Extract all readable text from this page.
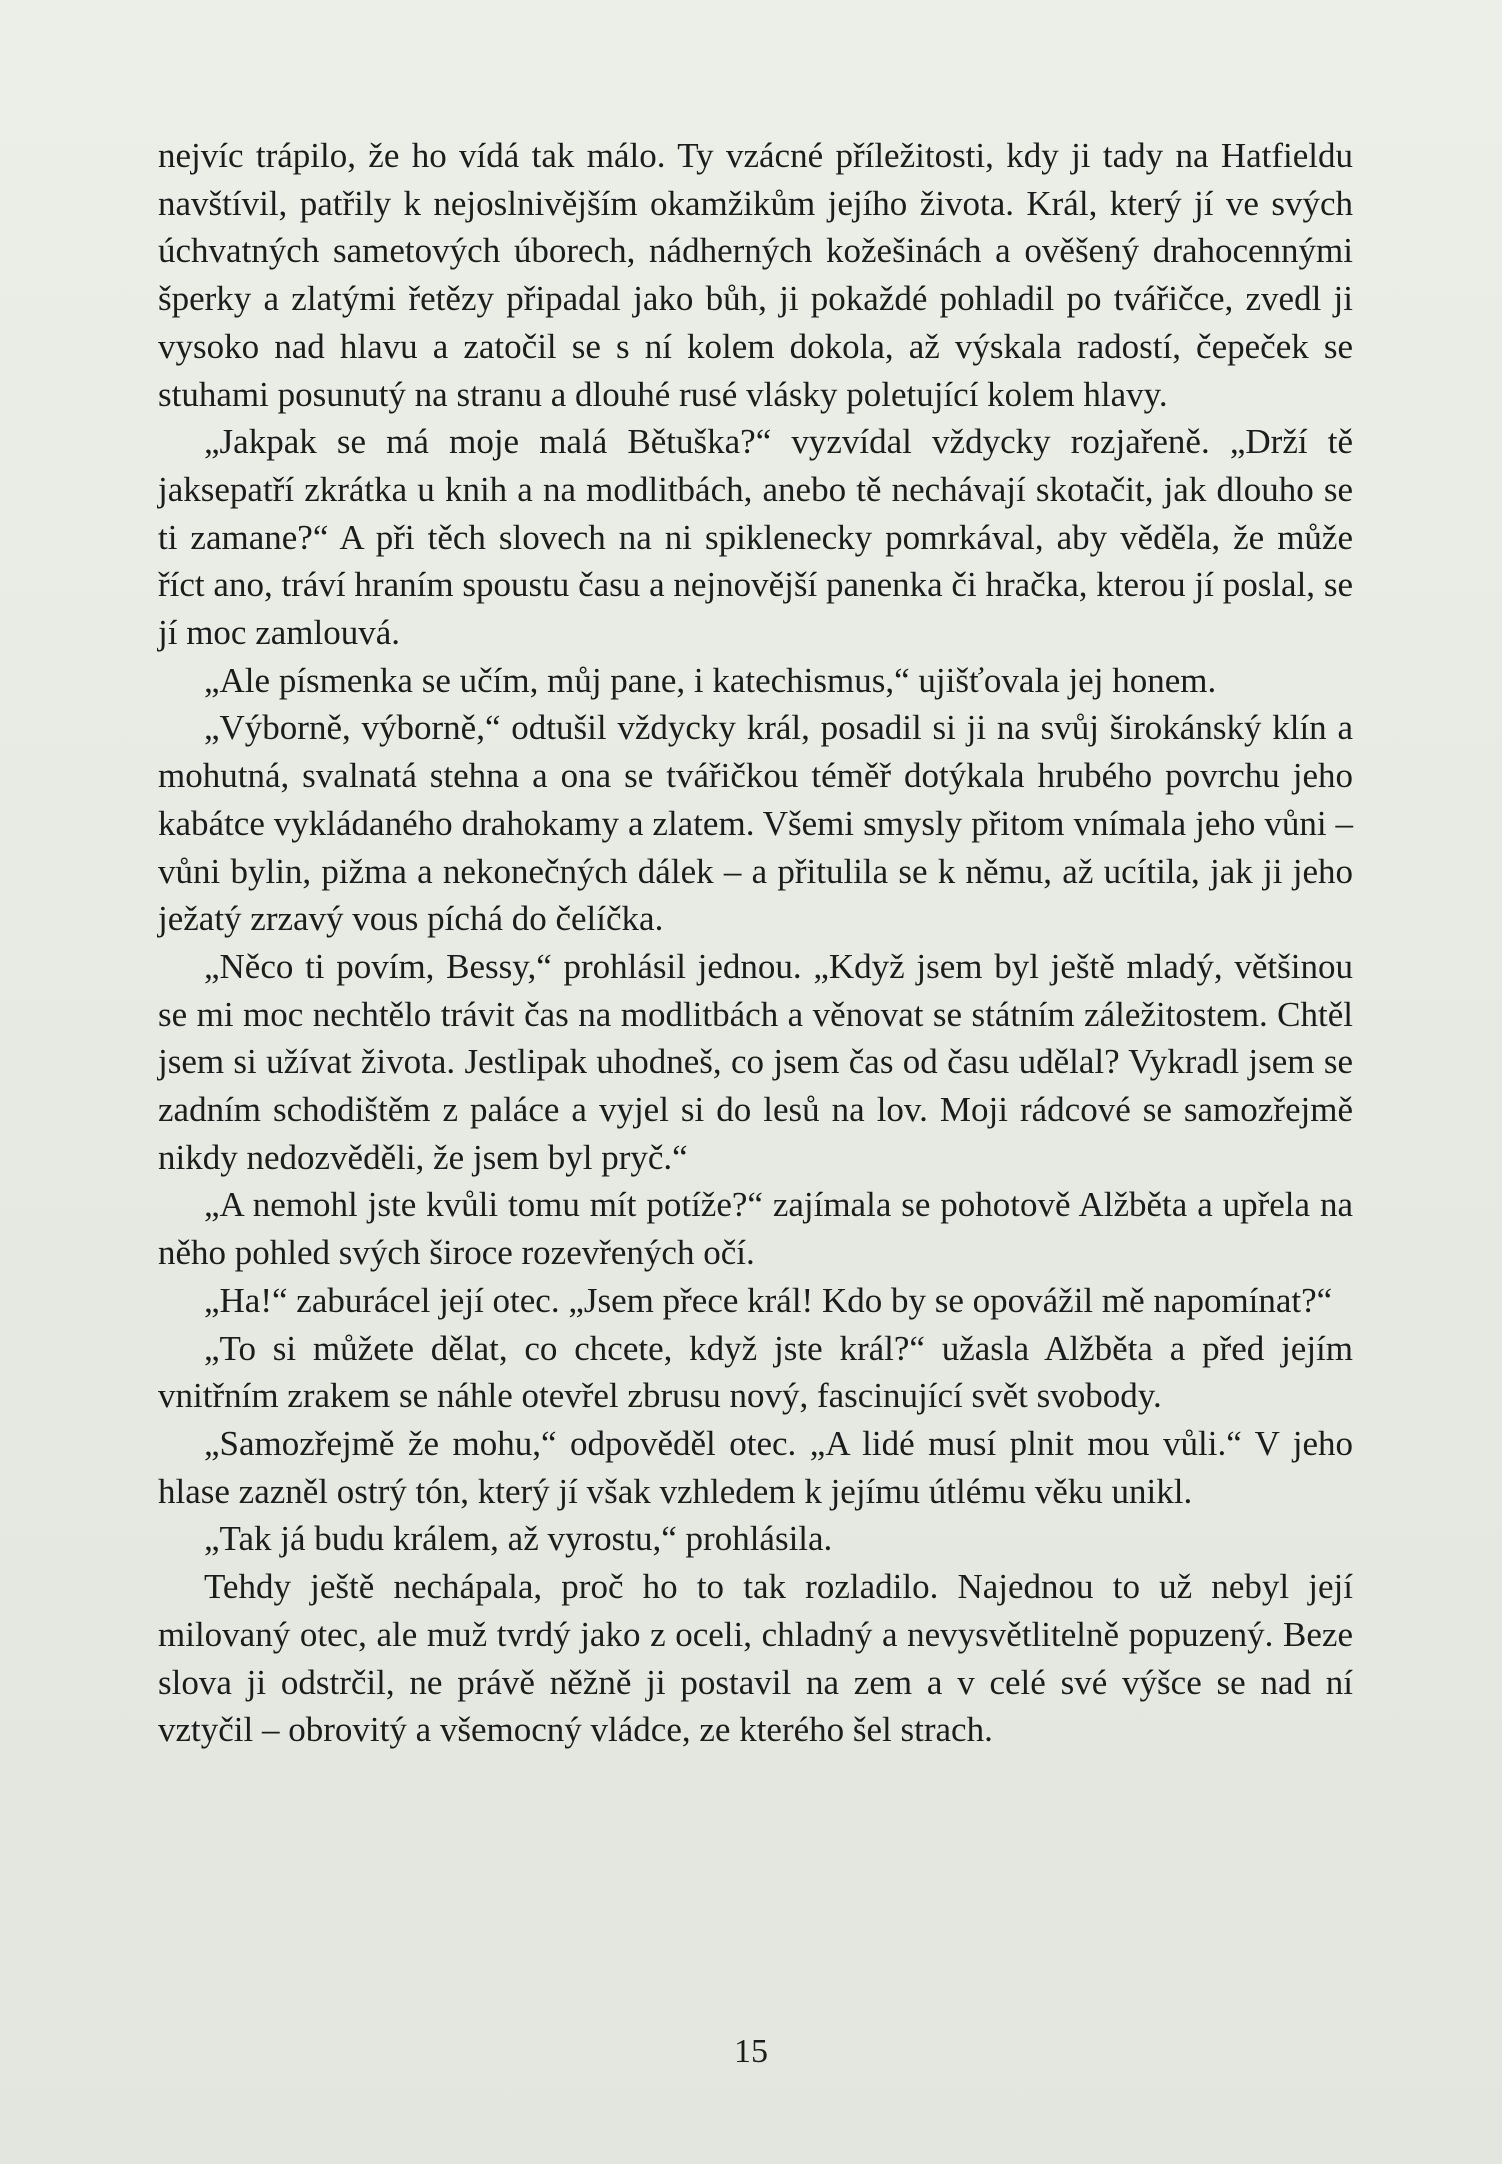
nejvíc trápilo, že ho vídá tak málo. Ty vzácné příležitosti, kdy ji tady na Hatfieldu navštívil, patřily k nejoslnivějším okamžikům jejího života. Král, který jí ve svých úchvatných sametových úborech, nádherných kožešinách a ověšený drahocennými šperky a zlatými řetězy připadal jako bůh, ji pokaždé pohladil po tvářičce, zvedl ji vysoko nad hlavu a zatočil se s ní kolem dokola, až výskala radostí, čepeček se stuhami posunutý na stranu a dlouhé rusé vlásky poletující kolem hlavy.

„Jakpak se má moje malá Bětuška?“ vyzvídal vždycky rozjařeně. „Drží tě jaksepatří zkrátka u knih a na modlitbách, anebo tě nechávají skotačit, jak dlouho se ti zamane?“ A při těch slovech na ni spiklenecky pomrkával, aby věděla, že může říct ano, tráví hraním spoustu času a nejnovější panenka či hračka, kterou jí poslal, se jí moc zamlouvá.

„Ale písmenka se učím, můj pane, i katechismus,“ ujišťovala jej honem.

„Výborně, výborně,“ odtušil vždycky král, posadil si ji na svůj širokánský klín a mohutná, svalnatá stehna a ona se tvářičkou téměř dotýkala hrubého povrchu jeho kabátce vykládaného drahokamy a zlatem. Všemi smysly přitom vnímala jeho vůni – vůni bylin, pižma a nekonečných dálek – a přitulila se k němu, až ucítila, jak ji jeho ježatý zrzavý vous píchá do čelíčka.

„Něco ti povím, Bessy,“ prohlásil jednou. „Když jsem byl ještě mladý, většinou se mi moc nechtělo trávit čas na modlitbách a věnovat se státním záležitostem. Chtěl jsem si užívat života. Jestlipak uhodneš, co jsem čas od času udělal? Vykradl jsem se zadním schodištěm z paláce a vyjel si do lesů na lov. Moji rádcové se samozřejmě nikdy nedozvěděli, že jsem byl pryč.“

„A nemohl jste kvůli tomu mít potíže?“ zajímala se pohotově Alžběta a upřela na něho pohled svých široce rozevřených očí.

„Ha!“ zaburácel její otec. „Jsem přece král! Kdo by se opovážil mě napomínat?“

„To si můžete dělat, co chcete, když jste král?“ užasla Alžběta a před jejím vnitřním zrakem se náhle otevřel zbrusu nový, fascinující svět svobody.

„Samozřejmě že mohu,“ odpověděl otec. „A lidé musí plnit mou vůli.“ V jeho hlase zazněl ostrý tón, který jí však vzhledem k jejímu útlému věku unikl.

„Tak já budu králem, až vyrostu,“ prohlásila.

Tehdy ještě nechápala, proč ho to tak rozladilo. Najednou to už nebyl její milovaný otec, ale muž tvrdý jako z oceli, chladný a nevysvětlitelně popuzený. Beze slova ji odstrčil, ne právě něžně ji postavil na zem a v celé své výšce se nad ní vztyčil – obrovitý a všemocný vládce, ze kterého šel strach.

15
